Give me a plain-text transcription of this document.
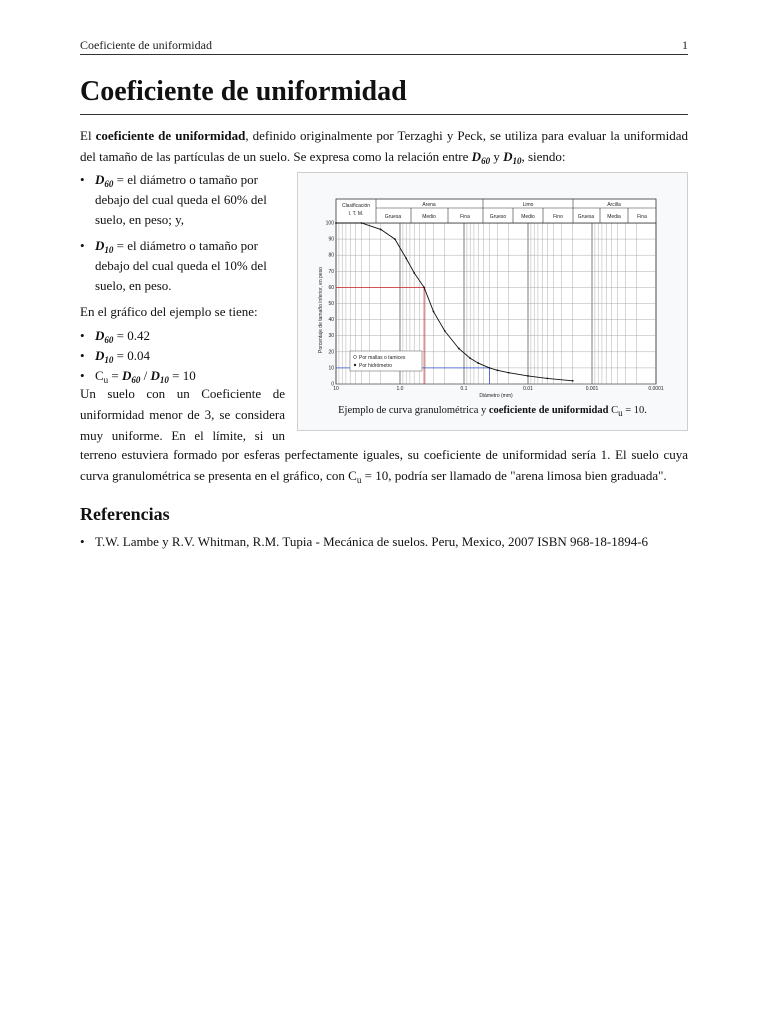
Coeficiente de uniformidad	1
Coeficiente de uniformidad

El coeficiente de uniformidad, definido originalmente por Terzaghi y Peck, se utiliza para evaluar la uniformidad del tamaño de las partículas de un suelo. Se expresa como la relación entre $D_{60}$ y $D_{10}$, siendo:

• $D_{60}$ = el diámetro o tamaño por debajo del cual queda el 60% del suelo, en peso; y,
• $D_{10}$ = el diámetro o tamaño por debajo del cual queda el 10% del suelo, en peso.

En el gráfico del ejemplo se tiene:

• $D_{60} = 0.42$
• $D_{10} = 0.04$
• $C_u = D_{60} / D_{10} = 10$

Un suelo con un Coeficiente de uniformidad menor de 3, se considera muy uniforme. En el límite, si un

Clasificación
I. T. M.
Arena	Limo	Arcilla
Gruesa	Medio	Fina	Grueso	Medio	Fino	Gruesa	Media	Fina
Porcentaje de tamaño inferior, en peso
100
90
80
70
60
50
40
30
20
10
0
10	1.0	0.1	0.01	0.001	0.0001
Diámetro (mm)
Por mallas o tamices
Por hidrómetro
Ejemplo de curva granulométrica y coeficiente de uniformidad $C_u = 10$.

terreno estuviera formado por esferas perfectamente iguales, su coeficiente de uniformidad sería 1. El suelo cuya curva granulométrica se presenta en el gráfico, con $C_u = 10$, podría ser llamado de "arena limosa bien graduada".

Referencias
• T.W. Lambe y R.V. Whitman, R.M. Tupia - Mecánica de suelos. Peru, Mexico, 2007 ISBN 968-18-1894-6
